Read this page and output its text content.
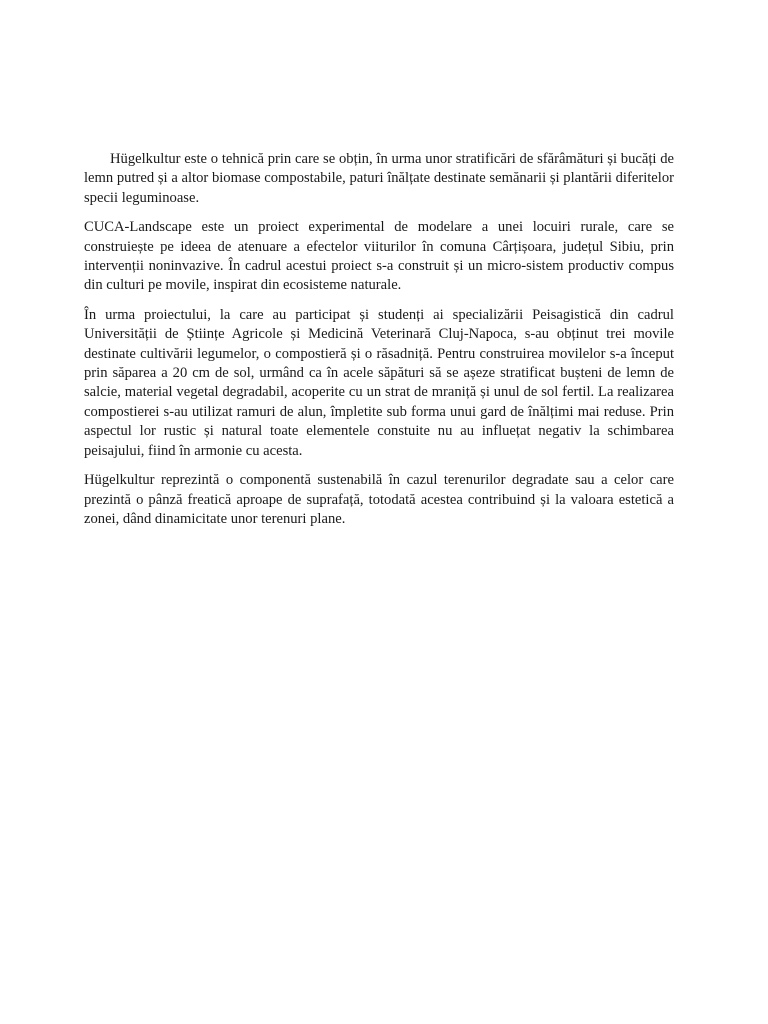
Hügelkultur este o tehnică prin care se obțin, în urma unor stratificări de sfărâmături și bucăți de lemn putred și a altor biomase compostabile, paturi înălțate destinate semănarii și plantării diferitelor specii leguminoase.

CUCA-Landscape este un proiect experimental de modelare a unei locuiri rurale, care se construiește pe ideea de atenuare a efectelor viiturilor în comuna Cârțișoara, județul Sibiu, prin intervenții noninvazive. În cadrul acestui proiect s-a construit și un micro-sistem productiv compus din culturi pe movile, inspirat din ecosisteme naturale.

În urma proiectului, la care au participat și studenți ai specializării Peisagistică din cadrul Universității de Științe Agricole și Medicină Veterinară Cluj-Napoca, s-au obținut trei movile destinate cultivării legumelor, o compostieră și o răsadniță. Pentru construirea movilelor s-a început prin săparea a 20 cm de sol, urmând ca în acele săpături să se așeze stratificat bușteni de lemn de salcie, material vegetal degradabil, acoperite cu un strat de mraniță și unul de sol fertil. La realizarea compostierei s-au utilizat ramuri de alun, împletite sub forma unui gard de înălțimi mai reduse. Prin aspectul lor rustic și natural toate elementele constuite nu au influețat negativ la schimbarea peisajului, fiind în armonie cu acesta.

Hügelkultur reprezintă o componentă sustenabilă în cazul terenurilor degradate sau a celor care prezintă o pânză freatică aproape de suprafață, totodată acestea contribuind și la valoara estetică a zonei, dând dinamicitate unor terenuri plane.
